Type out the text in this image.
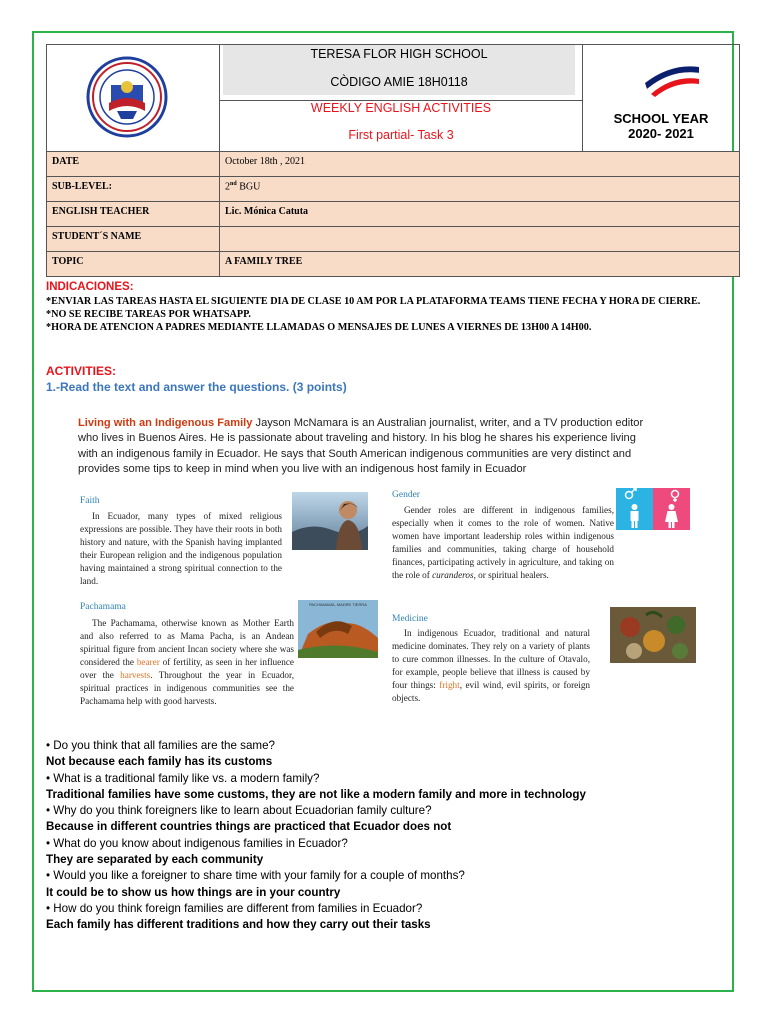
TERESA FLOR HIGH SCHOOL
CÒDIGO AMIE 18H0118

SCHOOL YEAR
2020- 2021

WEEKLY ENGLISH ACTIVITIES
First partial- Task 3
DATE	October 18th , 2021
SUB-LEVEL:	2nd BGU
ENGLISH TEACHER	Lic. Mónica Catuta
STUDENT´S NAME	
TOPIC	A FAMILY TREE
INDICACIONES:
*ENVIAR LAS TAREAS HASTA EL SIGUIENTE DIA DE CLASE 10 AM POR LA PLATAFORMA TEAMS TIENE FECHA Y HORA DE CIERRE.
*NO SE RECIBE TAREAS POR WHATSAPP.
*HORA DE ATENCION A PADRES MEDIANTE LLAMADAS O MENSAJES DE LUNES A VIERNES DE 13H00 A 14H00.
ACTIVITIES:
1.-Read the text and answer the questions. (3 points)
Living with an Indigenous Family Jayson McNamara is an Australian journalist, writer, and a TV production editor who lives in Buenos Aires. He is passionate about traveling and history. In his blog he shares his experience living with an indigenous family in Ecuador. He says that South American indigenous communities are very distinct and provides some tips to keep in mind when you live with an indigenous host family in Ecuador
Faith
In Ecuador, many types of mixed religious expressions are possible. They have their roots in both history and nature, with the Spanish having implanted their European religion and the indigenous population having maintained a strong spiritual connection to the land.
Gender
Gender roles are different in indigenous families, especially when it comes to the role of women. Native women have important leadership roles within indigenous families and communities, taking charge of household finances, participating actively in agriculture, and taking on the role of curanderos, or spiritual healers.
Pachamama
The Pachamama, otherwise known as Mother Earth and also referred to as Mama Pacha, is an Andean spiritual figure from ancient Incan society where she was considered the bearer of fertility, as seen in her influence over the harvests. Throughout the year in Ecuador, spiritual practices in indigenous communities see the Pachamama help with good harvests.
PACHAMAMA, MADRE TIERRA
Medicine
In indigenous Ecuador, traditional and natural medicine dominates. They rely on a variety of plants to cure common illnesses. In the culture of Otavalo, for example, people believe that illness is caused by four things: fright, evil wind, evil spirits, or foreign objects.
• Do you think that all families are the same?
Not because each family has its customs
• What is a traditional family like vs. a modern family?
Traditional families have some customs, they are not like a modern family and more in technology
• Why do you think foreigners like to learn about Ecuadorian family culture?
Because in different countries things are practiced that Ecuador does not
• What do you know about indigenous families in Ecuador?
They are separated by each community
• Would you like a foreigner to share time with your family for a couple of months?
It could be to show us how things are in your country
• How do you think foreign families are different from families in Ecuador?
Each family has different traditions and how they carry out their tasks
